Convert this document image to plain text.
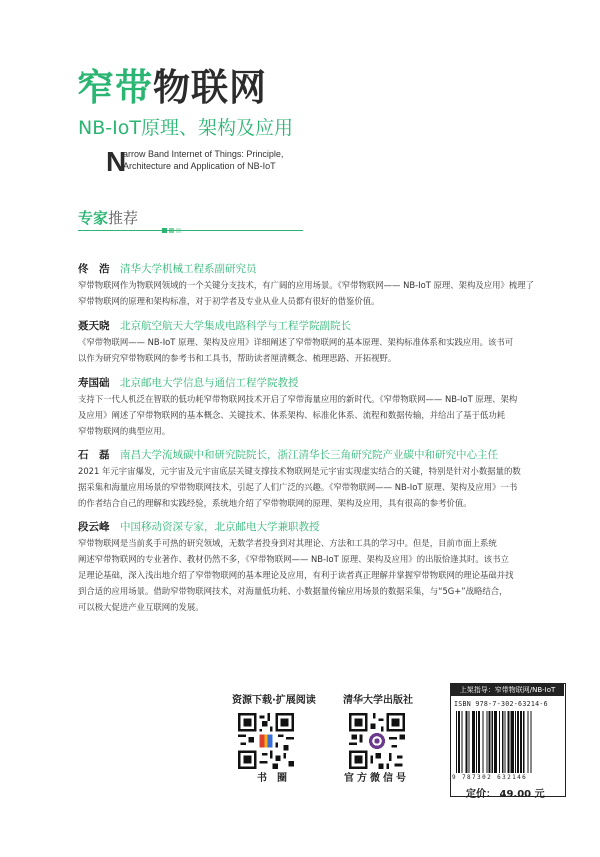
窄带物联网
NB-IoT原理、架构及应用
N
arrow Band Internet of Things: Principle,
Architecture and Application of NB-IoT
专家推荐
佟　浩 清华大学机械工程系副研究员
窄带物联网作为物联网领域的一个关键分支技术，有广阔的应用场景。《窄带物联网—— NB-IoT 原理、架构及应用》梳理了
窄带物联网的原理和架构标准，对于初学者及专业从业人员都有很好的借鉴价值。
聂天晓 北京航空航天大学集成电路科学与工程学院副院长
《窄带物联网—— NB-IoT 原理、架构及应用》详细阐述了窄带物联网的基本原理、架构标准体系和实践应用。该书可
以作为研究窄带物联网的参考书和工具书，帮助读者厘清概念、梳理思路、开拓视野。
寿国础 北京邮电大学信息与通信工程学院教授
支持下一代人机泛在智联的低功耗窄带物联网技术开启了窄带海量应用的新时代。《窄带物联网—— NB-IoT 原理、架构
及应用》阐述了窄带物联网的基本概念、关键技术、体系架构、标准化体系、流程和数据传输，并给出了基于低功耗
窄带物联网的典型应用。
石　磊 南昌大学流域碳中和研究院院长，浙江清华长三角研究院产业碳中和研究中心主任
2021 年元宇宙爆发，元宇宙及元宇宙底层关键支撑技术物联网是元宇宙实现虚实结合的关键，特别是针对小数据量的数
据采集和海量应用场景的窄带物联网技术，引起了人们广泛的兴趣。《窄带物联网—— NB-IoT 原理、架构及应用》一书
的作者结合自己的理解和实践经验，系统地介绍了窄带物联网的原理、架构及应用，具有很高的参考价值。
段云峰 中国移动资深专家，北京邮电大学兼职教授
窄带物联网是当前炙手可热的研究领域，无数学者投身到对其理论、方法和工具的学习中。但是，目前市面上系统
阐述窄带物联网的专业著作、教材仍然不多，《窄带物联网—— NB-IoT 原理、架构及应用》的出版恰逢其时。该书立
足理论基础，深入浅出地介绍了窄带物联网的基本理论及应用，有利于读者真正理解并掌握窄带物联网的理论基础并找
到合适的应用场景。借助窄带物联网技术，对海量低功耗、小数据量传输应用场景的数据采集，与“5G+”战略结合，
可以极大促进产业互联网的发展。
资源下载·扩展阅读
书　圈
清华大学出版社
官方微信号
上架指导：窄带物联网/NB-IoT
ISBN 978-7-302-63214-6
9 787302 632146
定价： 49.00 元
